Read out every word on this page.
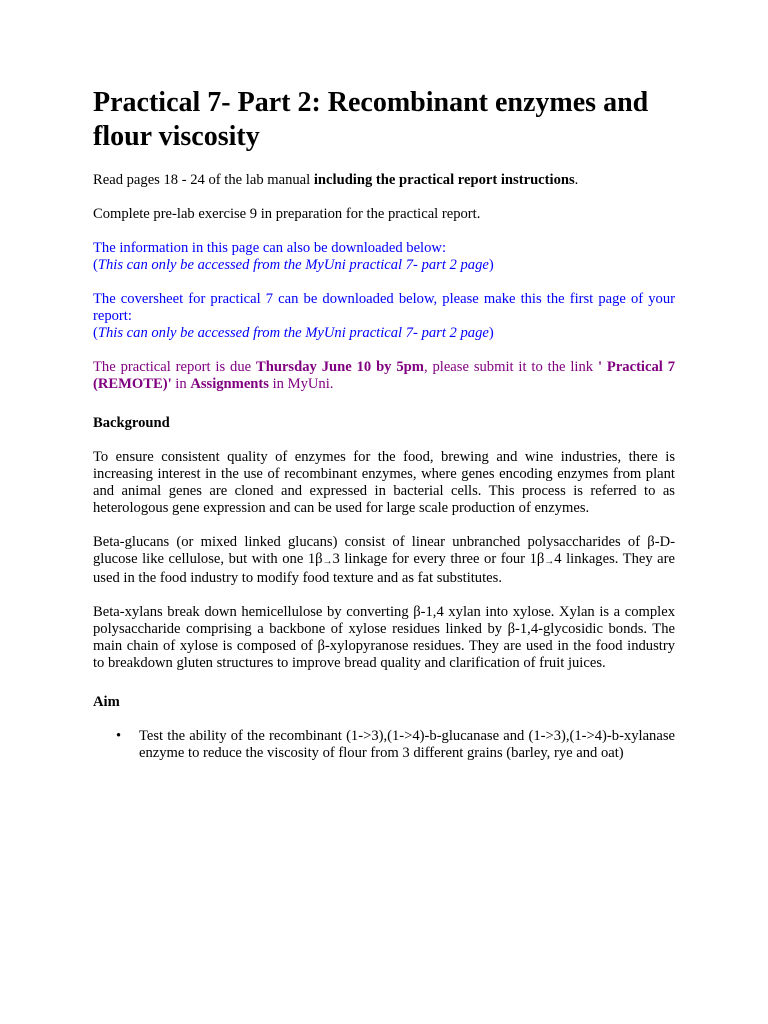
Practical 7- Part 2: Recombinant enzymes and flour viscosity

Read pages 18 - 24 of the lab manual including the practical report instructions.

Complete pre-lab exercise 9 in preparation for the practical report.

The information in this page can also be downloaded below:
(This can only be accessed from the MyUni practical 7- part 2 page)

The coversheet for practical 7 can be downloaded below, please make this the first page of your report:
(This can only be accessed from the MyUni practical 7- part 2 page)

The practical report is due Thursday June 10 by 5pm, please submit it to the link ' Practical 7 (REMOTE)' in Assignments in MyUni.

Background

To ensure consistent quality of enzymes for the food, brewing and wine industries, there is increasing interest in the use of recombinant enzymes, where genes encoding enzymes from plant and animal genes are cloned and expressed in bacterial cells. This process is referred to as heterologous gene expression and can be used for large scale production of enzymes.

Beta-glucans (or mixed linked glucans) consist of linear unbranched polysaccharides of β-D-glucose like cellulose, but with one 1β→3 linkage for every three or four 1β→4 linkages. They are used in the food industry to modify food texture and as fat substitutes.

Beta-xylans break down hemicellulose by converting β-1,4 xylan into xylose. Xylan is a complex polysaccharide comprising a backbone of xylose residues linked by β-1,4-glycosidic bonds. The main chain of xylose is composed of β-xylopyranose residues. They are used in the food industry to breakdown gluten structures to improve bread quality and clarification of fruit juices.

Aim

• Test the ability of the recombinant (1->3),(1->4)-b-glucanase and (1->3),(1->4)-b-xylanase enzyme to reduce the viscosity of flour from 3 different grains (barley, rye and oat)
